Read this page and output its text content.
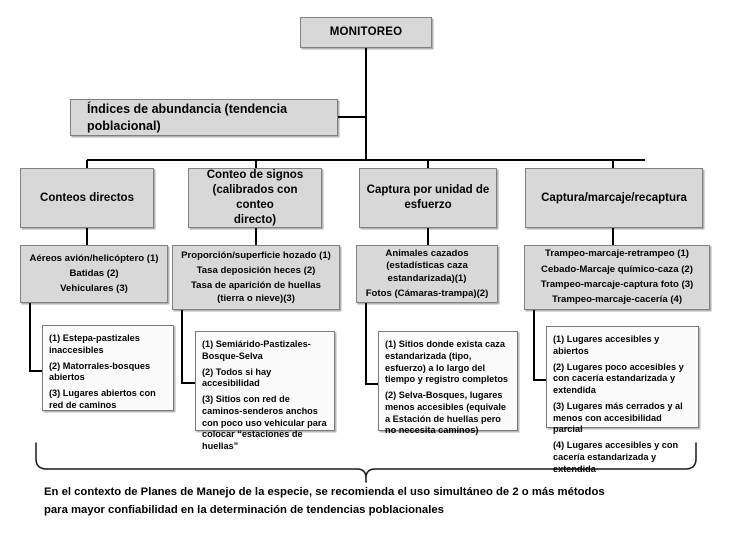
MONITOREO
Índices de abundancia (tendencia poblacional)
Conteos directos
Conteo de signos
(calibrados con conteo
directo)
Captura por unidad de
esfuerzo
Captura/marcaje/recaptura
Aéreos avión/helicóptero (1)
Batidas (2)
Vehiculares (3)
Proporción/superficie hozado (1)
Tasa deposición heces (2)
Tasa de aparición de huellas (tierra o nieve)(3)
Animales cazados (estadísticas caza estandarizada)(1)
Fotos (Cámaras-trampa)(2)
Trampeo-marcaje-retrampeo (1)
Cebado-Marcaje químico-caza (2)
Trampeo-marcaje-captura foto (3)
Trampeo-marcaje-cacería (4)
(1) Estepa-pastizales inaccesibles
(2) Matorrales-bosques abiertos
(3) Lugares abiertos con red de caminos
(1) Semiárido-Pastizales-Bosque-Selva
(2) Todos si hay accesibilidad
(3) Sitios con red de caminos-senderos anchos con poco uso vehicular para colocar “estaciones de huellas”
(1) Sitios donde exista caza estandarizada (tipo, esfuerzo) a lo largo del tiempo y registro completos
(2) Selva-Bosques, lugares menos accesibles (equivale a Estación de huellas pero no necesita caminos)
(1) Lugares accesibles y abiertos
(2) Lugares poco accesibles y con cacería estandarizada y extendida
(3) Lugares más cerrados y al menos con accesibilidad parcial
(4) Lugares accesibles y con cacería estandarizada y extendida
En el contexto de Planes de Manejo de la especie, se recomienda el uso simultáneo de 2 o más métodos
para mayor confiabilidad en la determinación de tendencias poblacionales
